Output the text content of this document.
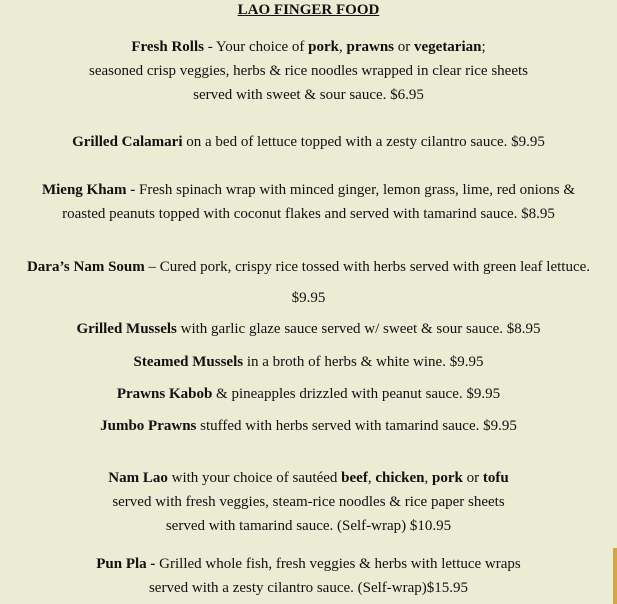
LAO FINGER FOOD
Fresh Rolls - Your choice of pork, prawns or vegetarian;
seasoned crisp veggies, herbs & rice noodles wrapped in clear rice sheets
served with sweet & sour sauce. $6.95
Grilled Calamari on a bed of lettuce topped with a zesty cilantro sauce. $9.95
Mieng Kham - Fresh spinach wrap with minced ginger, lemon grass, lime, red onions &
roasted peanuts topped with coconut flakes and served with tamarind sauce. $8.95
Dara’s Nam Soum – Cured pork, crispy rice tossed with herbs served with green leaf lettuce.
$9.95
Grilled Mussels with garlic glaze sauce served w/ sweet & sour sauce. $8.95
Steamed Mussels in a broth of herbs & white wine. $9.95
Prawns Kabob & pineapples drizzled with peanut sauce. $9.95
Jumbo Prawns stuffed with herbs served with tamarind sauce. $9.95
Nam Lao with your choice of sautéed beef, chicken, pork or tofu
served with fresh veggies, steam-rice noodles & rice paper sheets
served with tamarind sauce. (Self-wrap) $10.95
Pun Pla - Grilled whole fish, fresh veggies & herbs with lettuce wraps
served with a zesty cilantro sauce. (Self-wrap)$15.95
